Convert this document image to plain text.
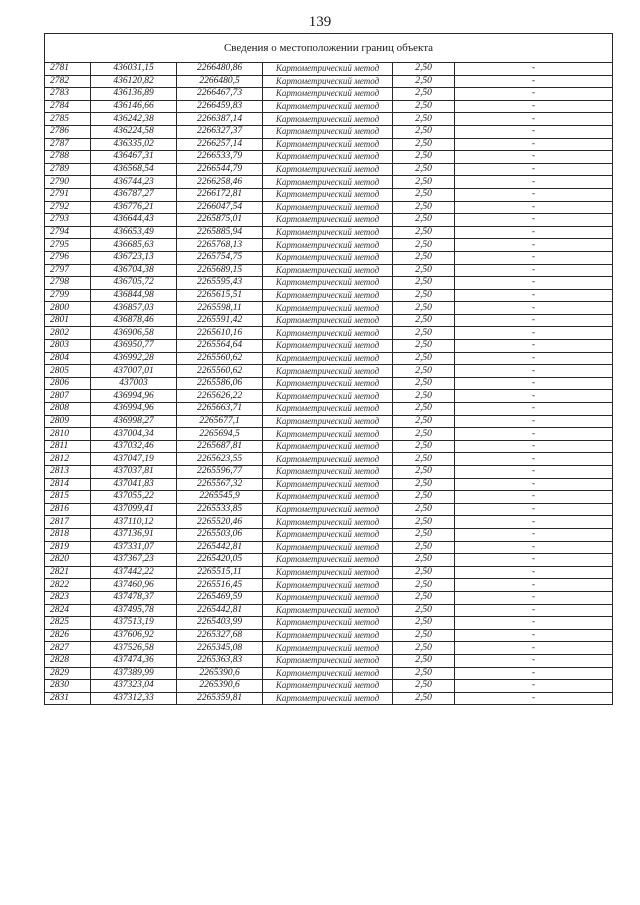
139
Сведения о местоположении границ объекта					
2781	436031,15	2266480,86	Картометрический метод	2,50	-
2782	436120,82	2266480,5	Картометрический метод	2,50	-
2783	436136,89	2266467,73	Картометрический метод	2,50	-
2784	436146,66	2266459,83	Картометрический метод	2,50	-
2785	436242,38	2266387,14	Картометрический метод	2,50	-
2786	436224,58	2266327,37	Картометрический метод	2,50	-
2787	436335,02	2266257,14	Картометрический метод	2,50	-
2788	436467,31	2266533,79	Картометрический метод	2,50	-
2789	436568,54	2266544,79	Картометрический метод	2,50	-
2790	436744,23	2266258,46	Картометрический метод	2,50	-
2791	436787,27	2266172,81	Картометрический метод	2,50	-
2792	436776,21	2266047,54	Картометрический метод	2,50	-
2793	436644,43	2265875,01	Картометрический метод	2,50	-
2794	436653,49	2265885,94	Картометрический метод	2,50	-
2795	436685,63	2265768,13	Картометрический метод	2,50	-
2796	436723,13	2265754,75	Картометрический метод	2,50	-
2797	436704,38	2265689,15	Картометрический метод	2,50	-
2798	436705,72	2265595,43	Картометрический метод	2,50	-
2799	436844,98	2265615,51	Картометрический метод	2,50	-
2800	436857,03	2265598,11	Картометрический метод	2,50	-
2801	436878,46	2265591,42	Картометрический метод	2,50	-
2802	436906,58	2265610,16	Картометрический метод	2,50	-
2803	436950,77	2265564,64	Картометрический метод	2,50	-
2804	436992,28	2265560,62	Картометрический метод	2,50	-
2805	437007,01	2265560,62	Картометрический метод	2,50	-
2806	437003	2265586,06	Картометрический метод	2,50	-
2807	436994,96	2265626,22	Картометрический метод	2,50	-
2808	436994,96	2265663,71	Картометрический метод	2,50	-
2809	436998,27	2265677,1	Картометрический метод	2,50	-
2810	437004,34	2265694,5	Картометрический метод	2,50	-
2811	437032,46	2265687,81	Картометрический метод	2,50	-
2812	437047,19	2265623,55	Картометрический метод	2,50	-
2813	437037,81	2265596,77	Картометрический метод	2,50	-
2814	437041,83	2265567,32	Картометрический метод	2,50	-
2815	437055,22	2265545,9	Картометрический метод	2,50	-
2816	437099,41	2265533,85	Картометрический метод	2,50	-
2817	437110,12	2265520,46	Картометрический метод	2,50	-
2818	437136,91	2265503,06	Картометрический метод	2,50	-
2819	437331,07	2265442,81	Картометрический метод	2,50	-
2820	437367,23	2265420,05	Картометрический метод	2,50	-
2821	437442,22	2265515,11	Картометрический метод	2,50	-
2822	437460,96	2265516,45	Картометрический метод	2,50	-
2823	437478,37	2265469,59	Картометрический метод	2,50	-
2824	437495,78	2265442,81	Картометрический метод	2,50	-
2825	437513,19	2265403,99	Картометрический метод	2,50	-
2826	437606,92	2265327,68	Картометрический метод	2,50	-
2827	437526,58	2265345,08	Картометрический метод	2,50	-
2828	437474,36	2265363,83	Картометрический метод	2,50	-
2829	437389,99	2265390,6	Картометрический метод	2,50	-
2830	437323,04	2265390,6	Картометрический метод	2,50	-
2831	437312,33	2265359,81	Картометрический метод	2,50	-
